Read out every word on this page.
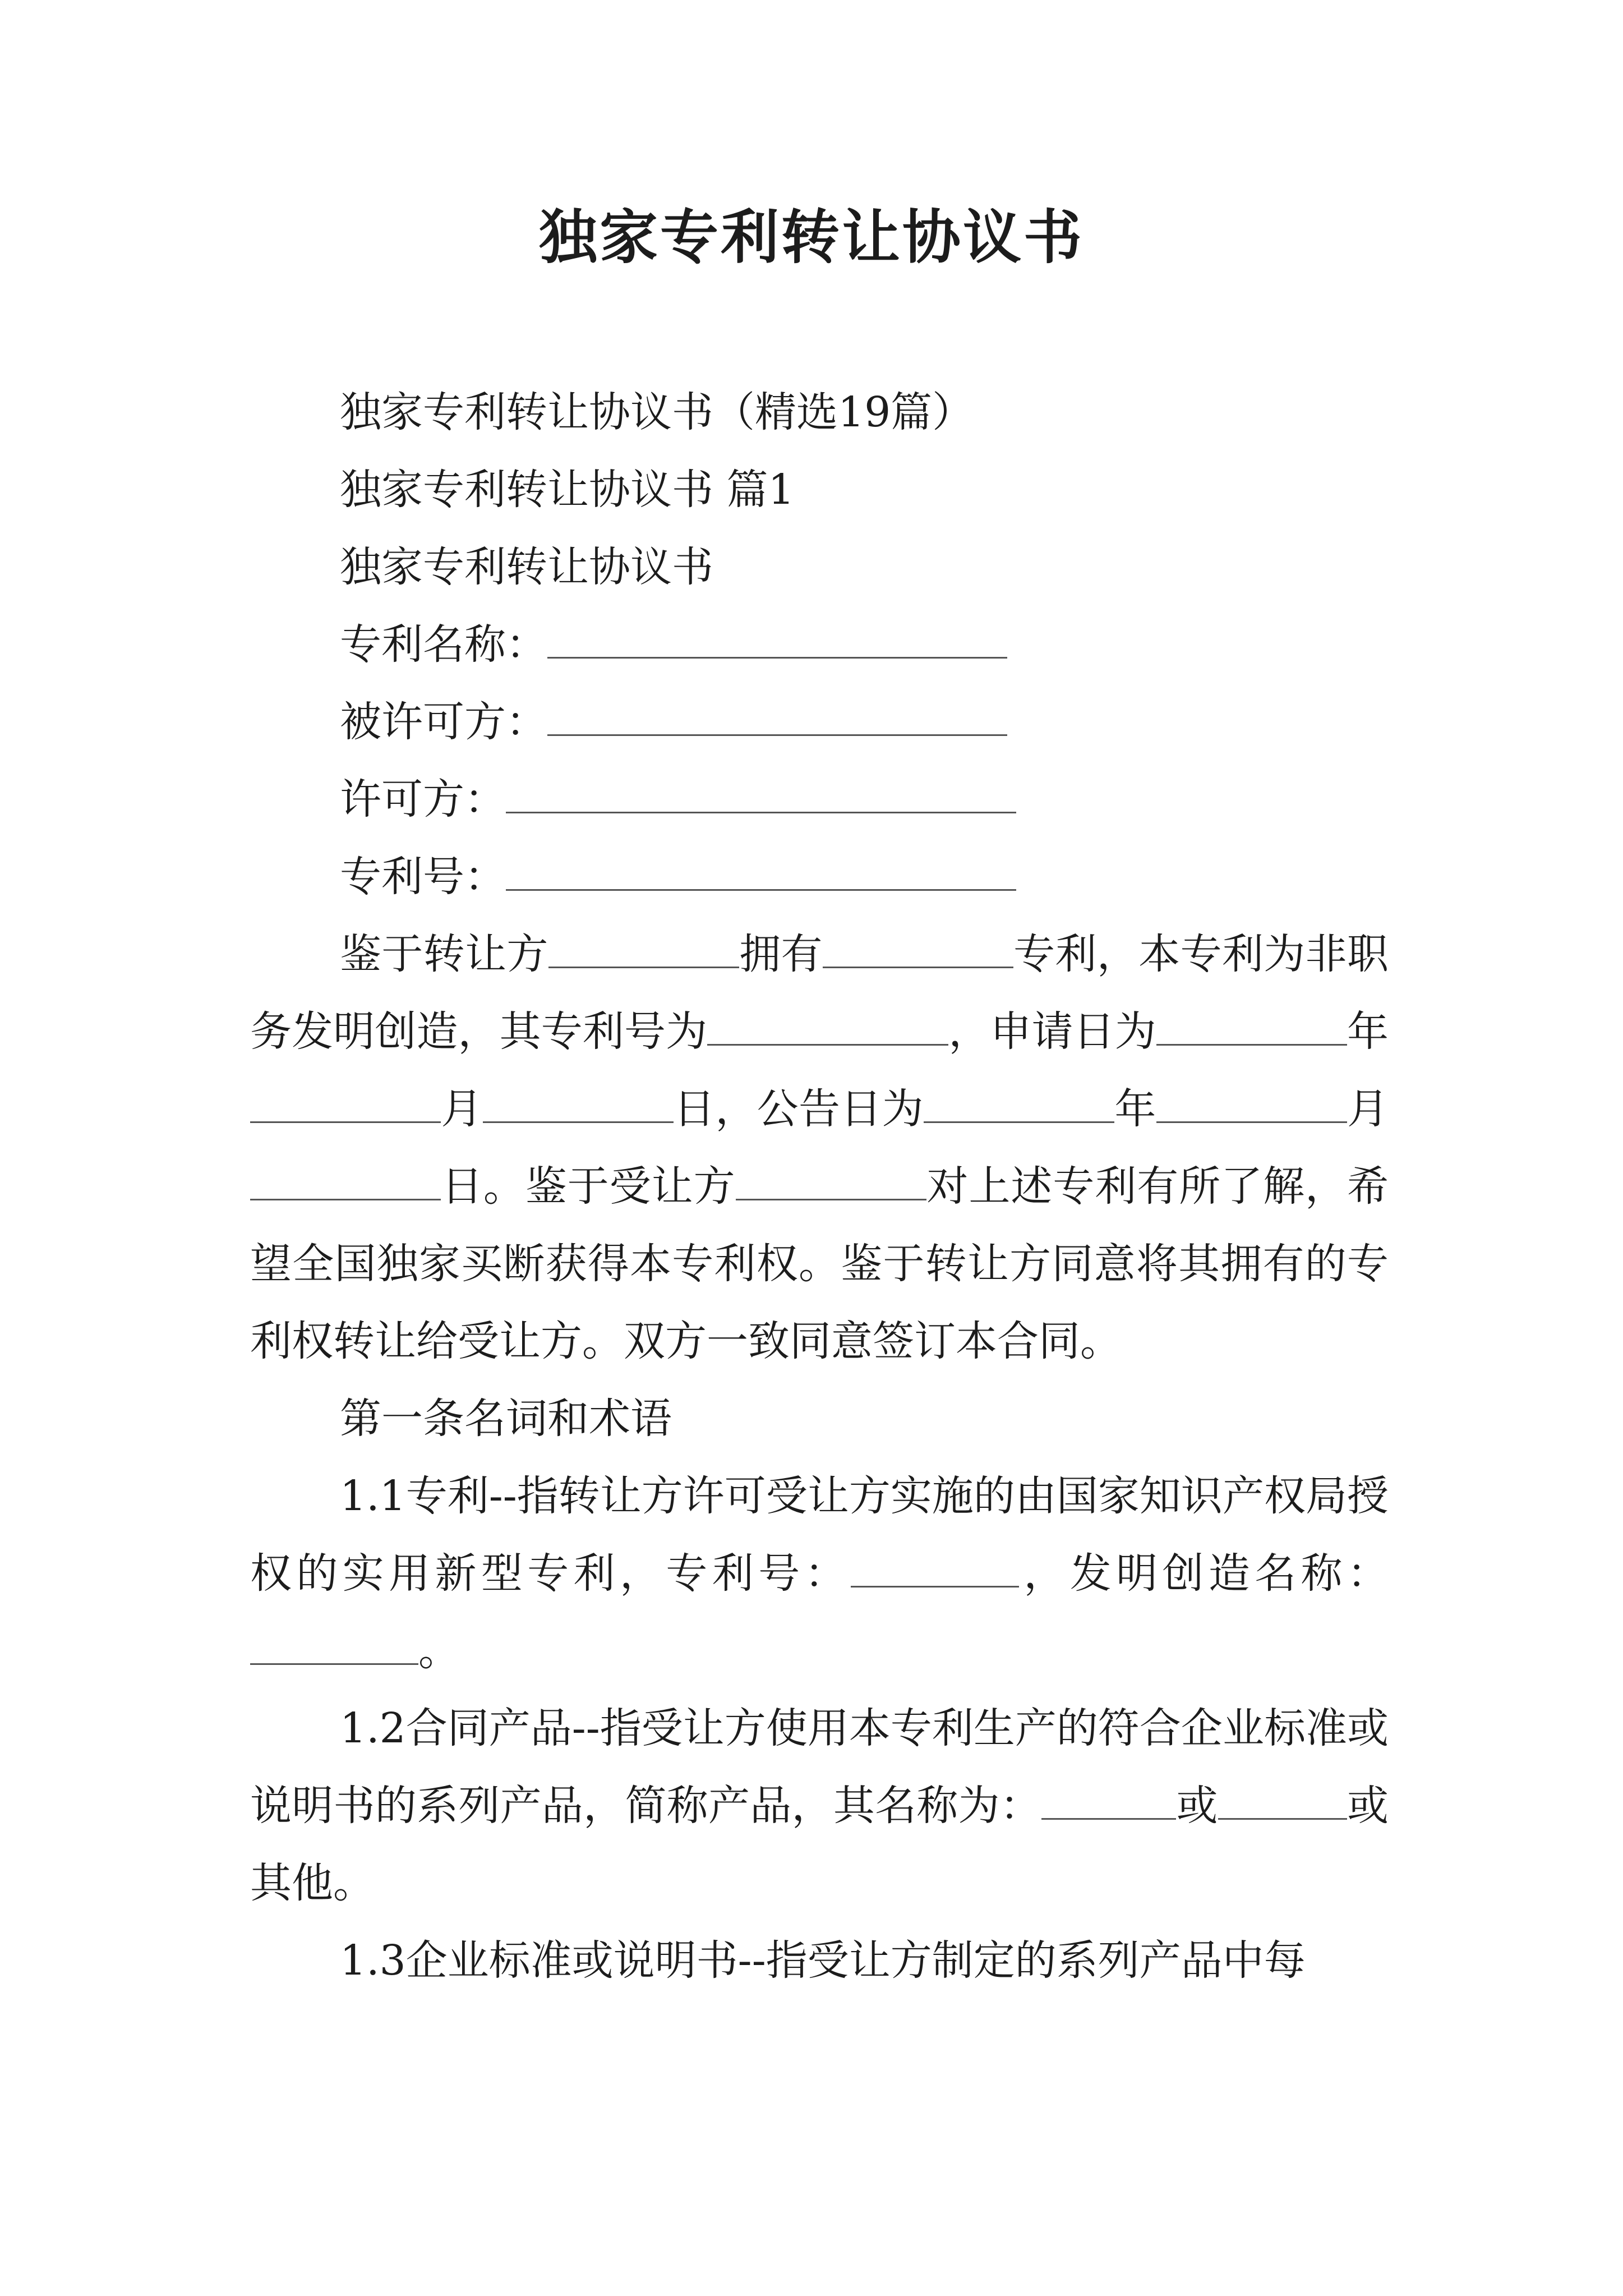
独家专利转让协议书

独家专利转让协议书（精选19篇）

独家专利转让协议书 篇1

独家专利转让协议书

专利名称：

被许可方：

许可方：

专利号：

鉴于转让方	拥有	专利，本专利为非职务发明创造，其专利号为	，申请日为	年月	日，公告日为	年	月日。鉴于受让方	对上述专利有所了解，希望全国独家买断获得本专利权。鉴于转让方同意将其拥有的专利权转让给受让方。双方一致同意签订本合同。

第一条名词和术语

1.1专利--指转让方许可受让方实施的由国家知识产权局授权的实用新型专利，专利号：	，发明创造名称：。

1.2合同产品--指受让方使用本专利生产的符合企业标准或说明书的系列产品，简称产品，其名称为：	或	或其他。

1.3企业标准或说明书--指受让方制定的系列产品中每
